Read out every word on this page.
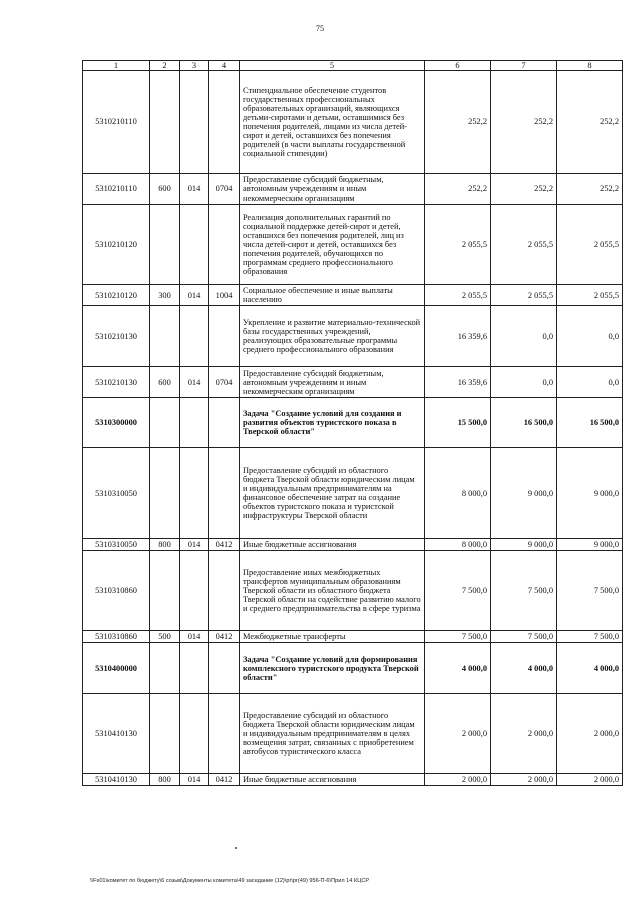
75
1	2	3	4	5	6	7	8
5310210110				Стипендиальное обеспечение студентов государственных профессиональных образовательных организаций, являющихся детьми-сиротами и детьми, оставшимися без попечения родителей, лицами из числа детей-сирот и детей, оставшихся без попечения родителей (в части выплаты государственной социальной стипендии)	252,2	252,2	252,2
5310210110	600	014	0704	Предоставление субсидий бюджетным, автономным учреждениям и иным некоммерческим организациям	252,2	252,2	252,2
5310210120				Реализация дополнительных гарантий по социальной поддержке детей-сирот и детей, оставшихся без попечения родителей, лиц из числа детей-сирот и детей, оставшихся без попечения родителей, обучающихся по программам среднего профессионального образования	2 055,5	2 055,5	2 055,5
5310210120	300	014	1004	Социальное обеспечение и иные выплаты населению	2 055,5	2 055,5	2 055,5
5310210130				Укрепление и развитие материально-технической базы государственных учреждений, реализующих образовательные программы среднего профессионального образования	16 359,6	0,0	0,0
5310210130	600	014	0704	Предоставление субсидий бюджетным, автономным учреждениям и иным некоммерческим организациям	16 359,6	0,0	0,0
5310300000				Задача "Создание условий для создания и развития объектов туристского показа в Тверской области"	15 500,0	16 500,0	16 500,0
5310310050				Предоставление субсидий из областного бюджета Тверской области юридическим лицам и индивидуальным предпринимателям на финансовое обеспечение затрат на создание объектов туристского показа и туристской инфраструктуры Тверской области	8 000,0	9 000,0	9 000,0
5310310050	800	014	0412	Иные бюджетные ассигнования	8 000,0	9 000,0	9 000,0
5310310860				Предоставление иных межбюджетных трансфертов муниципальным образованиям Тверской области из областного бюджета Тверской области на содействие развитию малого и среднего предпринимательства в сфере туризма	7 500,0	7 500,0	7 500,0
5310310860	500	014	0412	Межбюджетные трансферты	7 500,0	7 500,0	7 500,0
5310400000				Задача "Создание условий для формирования комплексного туристского продукта Тверской области"	4 000,0	4 000,0	4 000,0
5310410130				Предоставление субсидий из областного бюджета Тверской области юридическим лицам и индивидуальным предпринимателям в целях возмещения затрат, связанных с приобретением автобусов туристического класса	2 000,0	2 000,0	2 000,0
5310410130	800	014	0412	Иные бюджетные ассигнования	2 000,0	2 000,0	2 000,0
\\Fs01\комитет по бюджету\6 созыв\Документы комитета\49 заседание (12)\pr\pr(49) 956-П-6\Прил 14 КЦСР
